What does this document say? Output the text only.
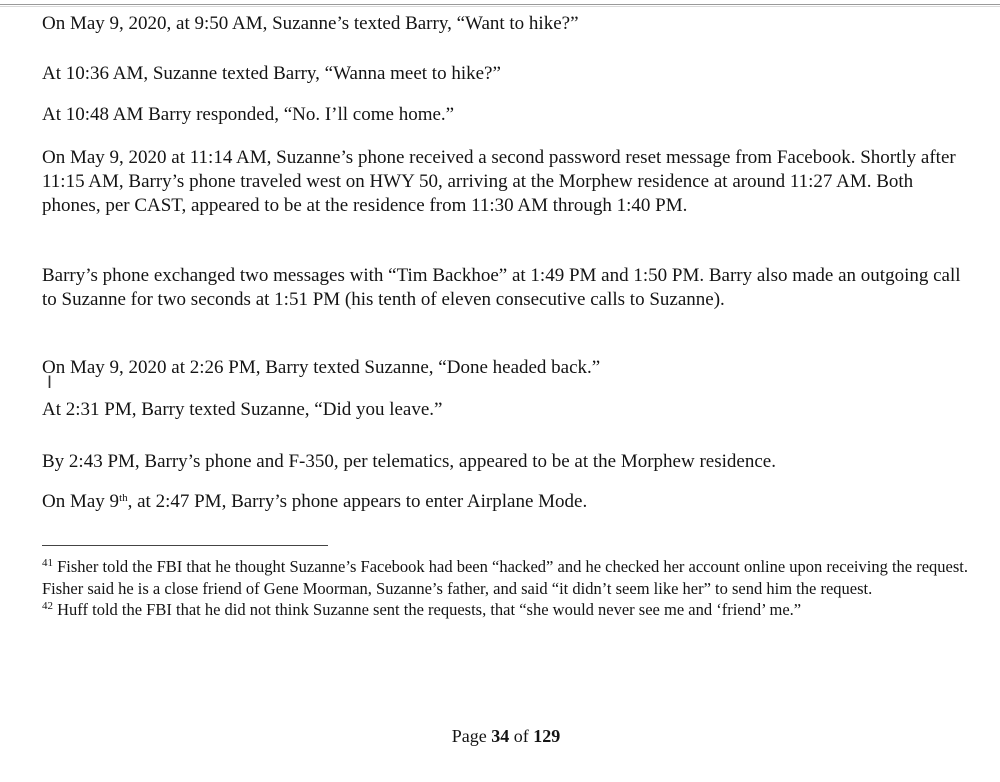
On May 9, 2020, at 9:50 AM, Suzanne’s texted Barry, “Want to hike?”

At 10:36 AM, Suzanne texted Barry, “Wanna meet to hike?”

At 10:48 AM Barry responded, “No. I’ll come home.”

On May 9, 2020 at 11:14 AM, Suzanne’s phone received a second password reset message from Facebook. Shortly after 11:15 AM, Barry’s phone traveled west on HWY 50, arriving at the Morphew residence at around 11:27 AM. Both phones, per CAST, appeared to be at the residence from 11:30 AM through 1:40 PM.

Barry’s phone exchanged two messages with “Tim Backhoe” at 1:49 PM and 1:50 PM. Barry also made an outgoing call to Suzanne for two seconds at 1:51 PM (his tenth of eleven consecutive calls to Suzanne).

On May 9, 2020 at 2:26 PM, Barry texted Suzanne, “Done headed back.”

At 2:31 PM, Barry texted Suzanne, “Did you leave.”

By 2:43 PM, Barry’s phone and F-350, per telematics, appeared to be at the Morphew residence.

On May 9th, at 2:47 PM, Barry’s phone appears to enter Airplane Mode.

I

$^{41}$ Fisher told the FBI that he thought Suzanne’s Facebook had been “hacked” and he checked her account online upon receiving the request. Fisher said he is a close friend of Gene Moorman, Suzanne’s father, and said “it didn’t seem like her” to send him the request.

$^{42}$ Huff told the FBI that he did not think Suzanne sent the requests, that “she would never see me and ‘friend’ me.”

Page 34 of 129
